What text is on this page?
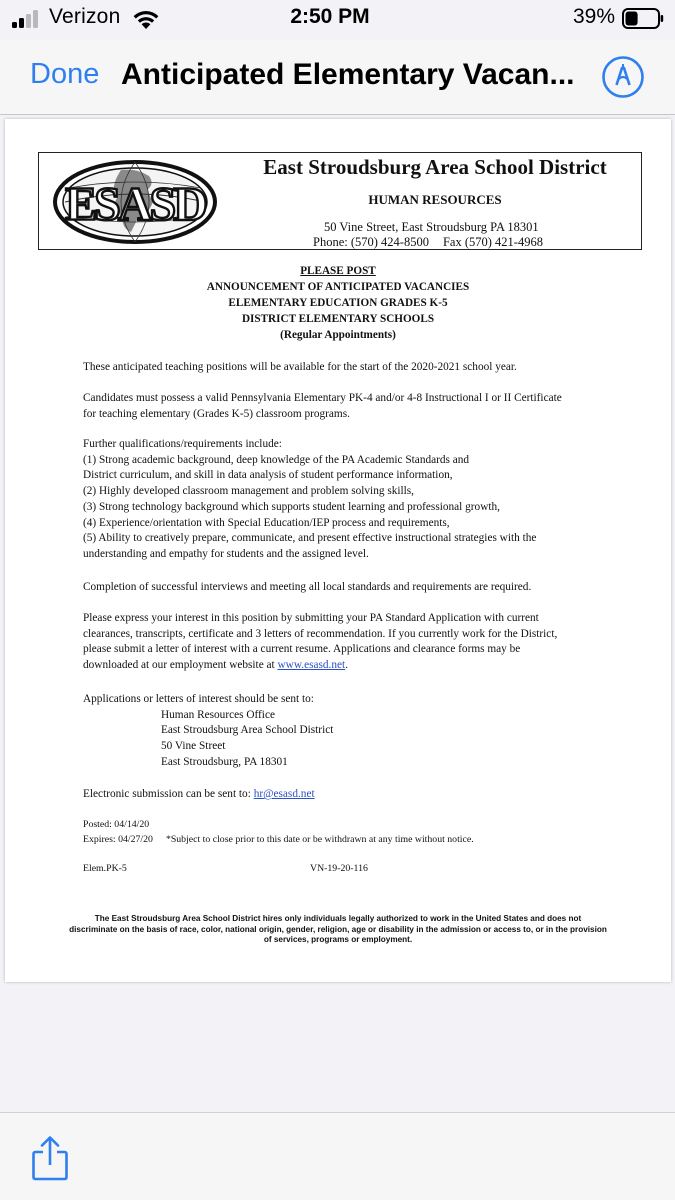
Verizon	2:50 PM	39%
Done Anticipated Elementary Vacan...
ESASD
East Stroudsburg Area School District
HUMAN RESOURCES
50 Vine Street, East Stroudsburg PA 18301
Phone: (570) 424-8500 Fax (570) 421-4968
PLEASE POST
ANNOUNCEMENT OF ANTICIPATED VACANCIES
ELEMENTARY EDUCATION GRADES K-5
DISTRICT ELEMENTARY SCHOOLS
(Regular Appointments)
These anticipated teaching positions will be available for the start of the 2020-2021 school year.
Candidates must possess a valid Pennsylvania Elementary PK-4 and/or 4-8 Instructional I or II Certificate
for teaching elementary (Grades K-5) classroom programs.
Further qualifications/requirements include:
(1) Strong academic background, deep knowledge of the PA Academic Standards and
District curriculum, and skill in data analysis of student performance information,
(2) Highly developed classroom management and problem solving skills,
(3) Strong technology background which supports student learning and professional growth,
(4) Experience/orientation with Special Education/IEP process and requirements,
(5) Ability to creatively prepare, communicate, and present effective instructional strategies with the
understanding and empathy for students and the assigned level.
Completion of successful interviews and meeting all local standards and requirements are required.
Please express your interest in this position by submitting your PA Standard Application with current
clearances, transcripts, certificate and 3 letters of recommendation. If you currently work for the District,
please submit a letter of interest with a current resume. Applications and clearance forms may be
downloaded at our employment website at www.esasd.net.
Applications or letters of interest should be sent to:
Human Resources Office
East Stroudsburg Area School District
50 Vine Street
East Stroudsburg, PA 18301
Electronic submission can be sent to: hr@esasd.net
Posted: 04/14/20
Expires: 04/27/20 *Subject to close prior to this date or be withdrawn at any time without notice.
Elem.PK-5	VN-19-20-116
The East Stroudsburg Area School District hires only individuals legally authorized to work in the United States and does not
discriminate on the basis of race, color, national origin, gender, religion, age or disability in the admission or access to, or in the provision
of services, programs or employment.
